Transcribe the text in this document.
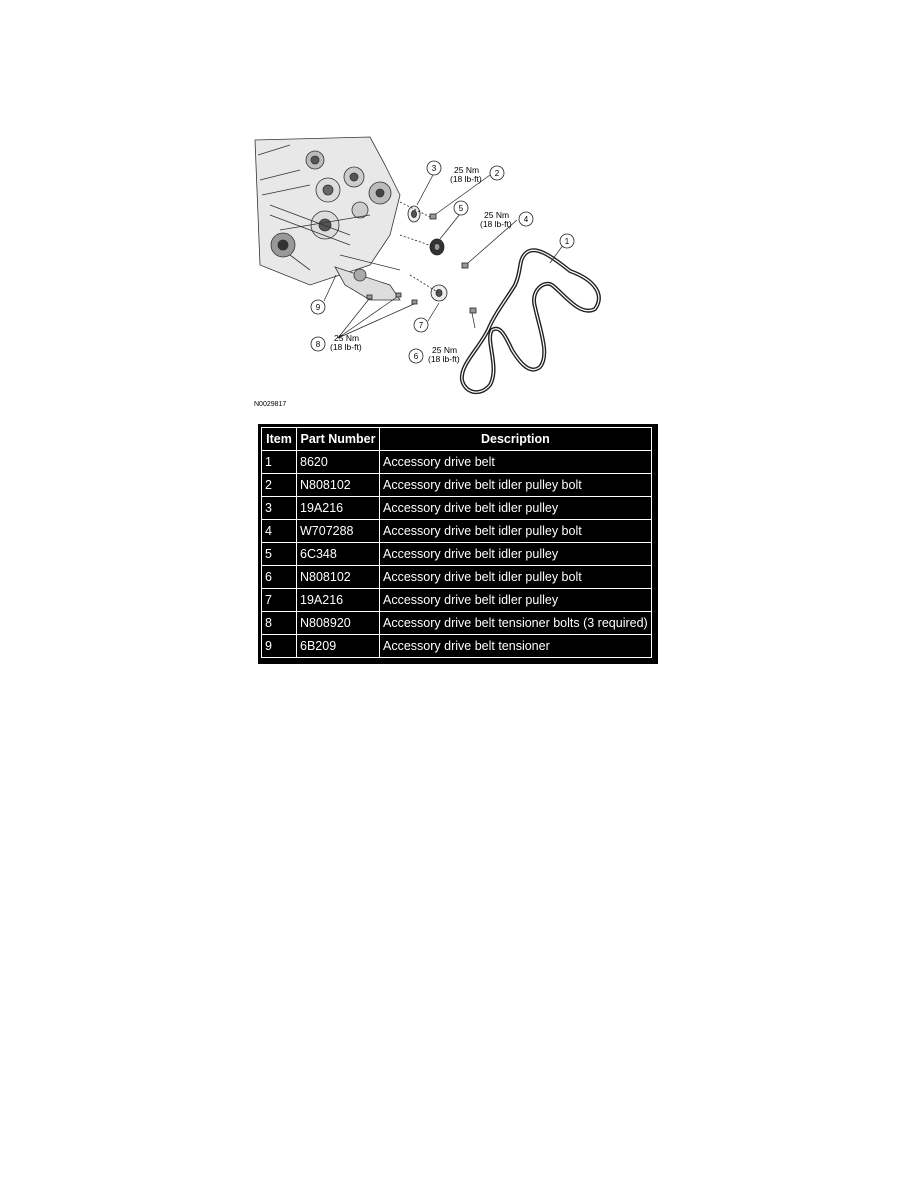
3
2
5
4
1
6
7
8
9
25 Nm
(18 lb-ft)
25 Nm
(18 lb-ft)
25 Nm
(18 lb-ft)
25 Nm
(18 lb-ft)
N0029817
Item	Part Number	Description
1	8620	Accessory drive belt
2	N808102	Accessory drive belt idler pulley bolt
3	19A216	Accessory drive belt idler pulley
4	W707288	Accessory drive belt idler pulley bolt
5	6C348	Accessory drive belt idler pulley
6	N808102	Accessory drive belt idler pulley bolt
7	19A216	Accessory drive belt idler pulley
8	N808920	Accessory drive belt tensioner bolts (3 required)
9	6B209	Accessory drive belt tensioner
